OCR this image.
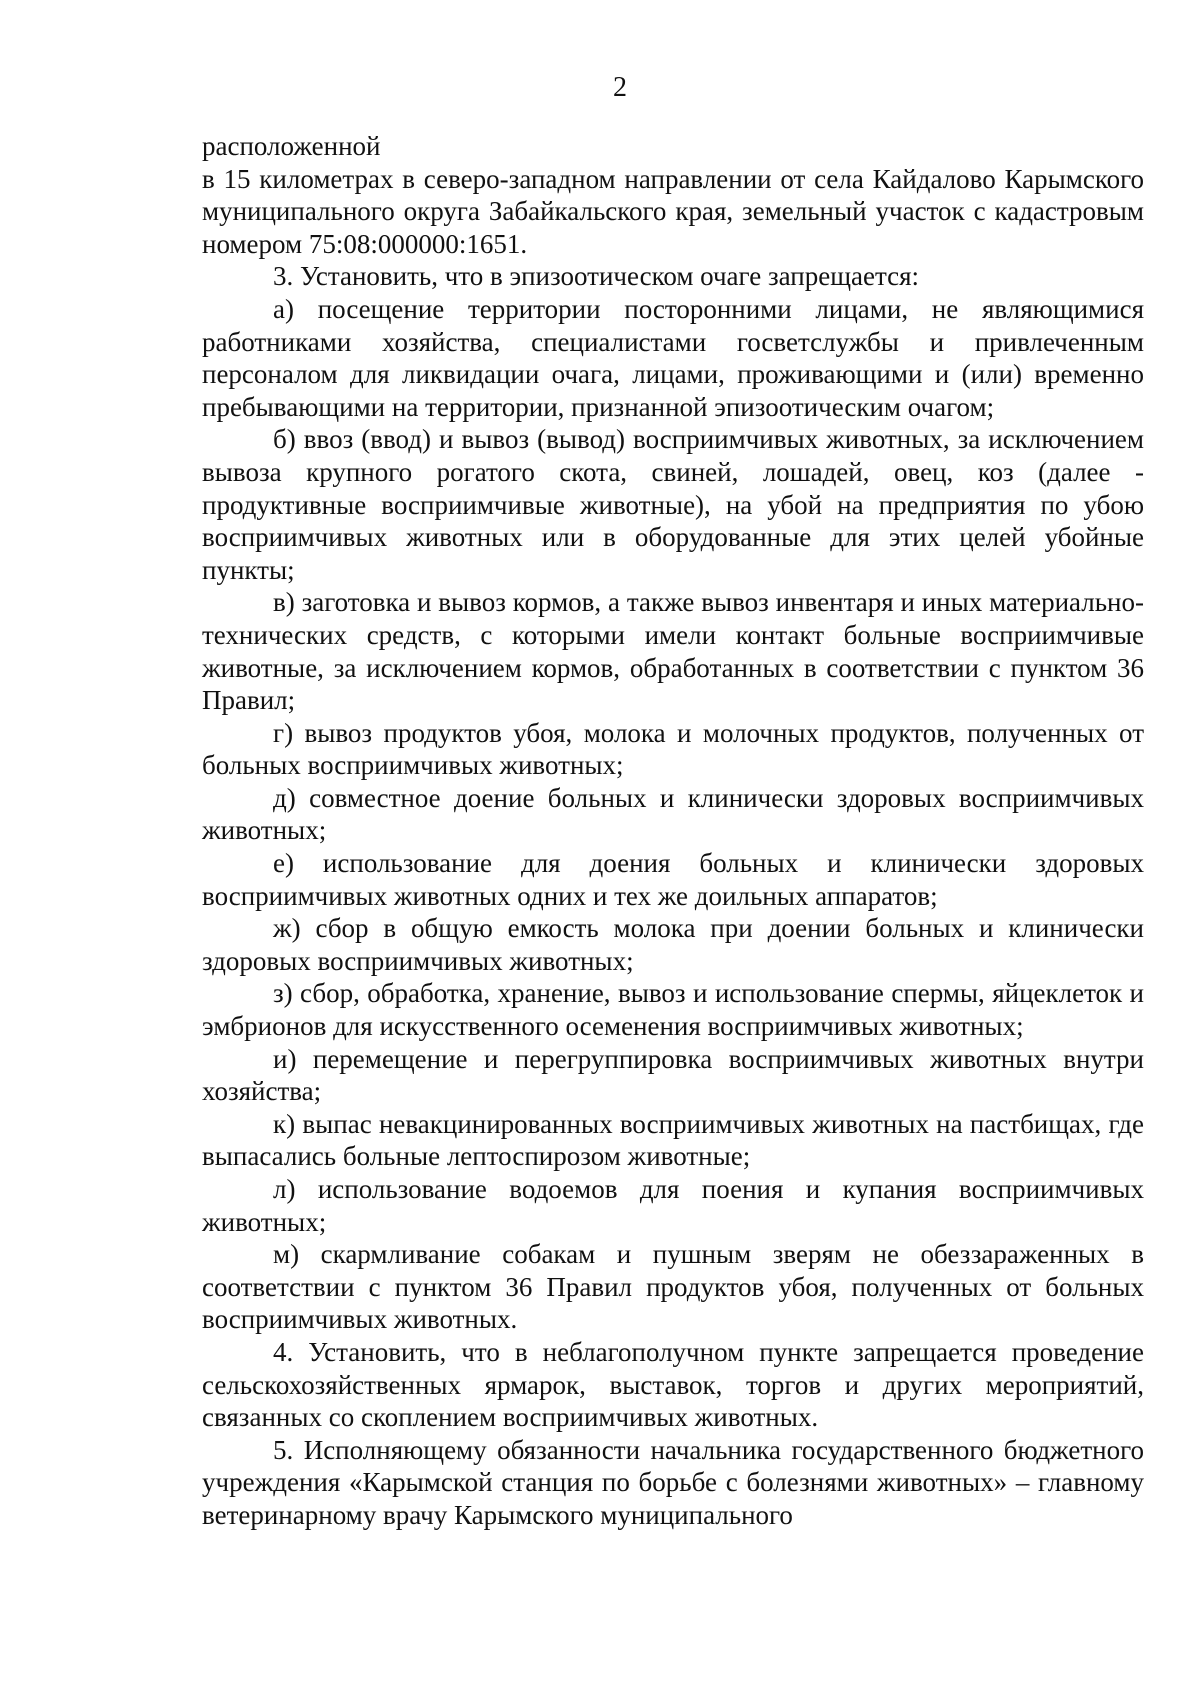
2

расположенной

в 15 километрах в северо-западном направлении от села Кайдалово Карымского муниципального округа Забайкальского края, земельный участок с кадастровым номером 75:08:000000:1651.

3. Установить, что в эпизоотическом очаге запрещается:

а) посещение территории посторонними лицами, не являющимися работниками хозяйства, специалистами госветслужбы и привлеченным персоналом для ликвидации очага, лицами, проживающими и (или) временно пребывающими на территории, признанной эпизоотическим очагом;

б) ввоз (ввод) и вывоз (вывод) восприимчивых животных, за исключением вывоза крупного рогатого скота, свиней, лошадей, овец, коз (далее - продуктивные восприимчивые животные), на убой на предприятия по убою восприимчивых животных или в оборудованные для этих целей убойные пункты;

в) заготовка и вывоз кормов, а также вывоз инвентаря и иных материально-технических средств, с которыми имели контакт больные восприимчивые животные, за исключением кормов, обработанных в соответствии с пунктом 36 Правил;

г) вывоз продуктов убоя, молока и молочных продуктов, полученных от больных восприимчивых животных;

д) совместное доение больных и клинически здоровых восприимчивых животных;

е) использование для доения больных и клинически здоровых восприимчивых животных одних и тех же доильных аппаратов;

ж) сбор в общую емкость молока при доении больных и клинически здоровых восприимчивых животных;

з) сбор, обработка, хранение, вывоз и использование спермы, яйцеклеток и эмбрионов для искусственного осеменения восприимчивых животных;

и) перемещение и перегруппировка восприимчивых животных внутри хозяйства;

к) выпас невакцинированных восприимчивых животных на пастбищах, где выпасались больные лептоспирозом животные;

л) использование водоемов для поения и купания восприимчивых животных;

м) скармливание собакам и пушным зверям не обеззараженных в соответствии с пунктом 36 Правил продуктов убоя, полученных от больных восприимчивых животных.

4. Установить, что в неблагополучном пункте запрещается проведение сельскохозяйственных ярмарок, выставок, торгов и других мероприятий, связанных со скоплением восприимчивых животных.

5. Исполняющему обязанности начальника государственного бюджетного учреждения «Карымской станция по борьбе с болезнями животных» – главному ветеринарному врачу Карымского муниципального
